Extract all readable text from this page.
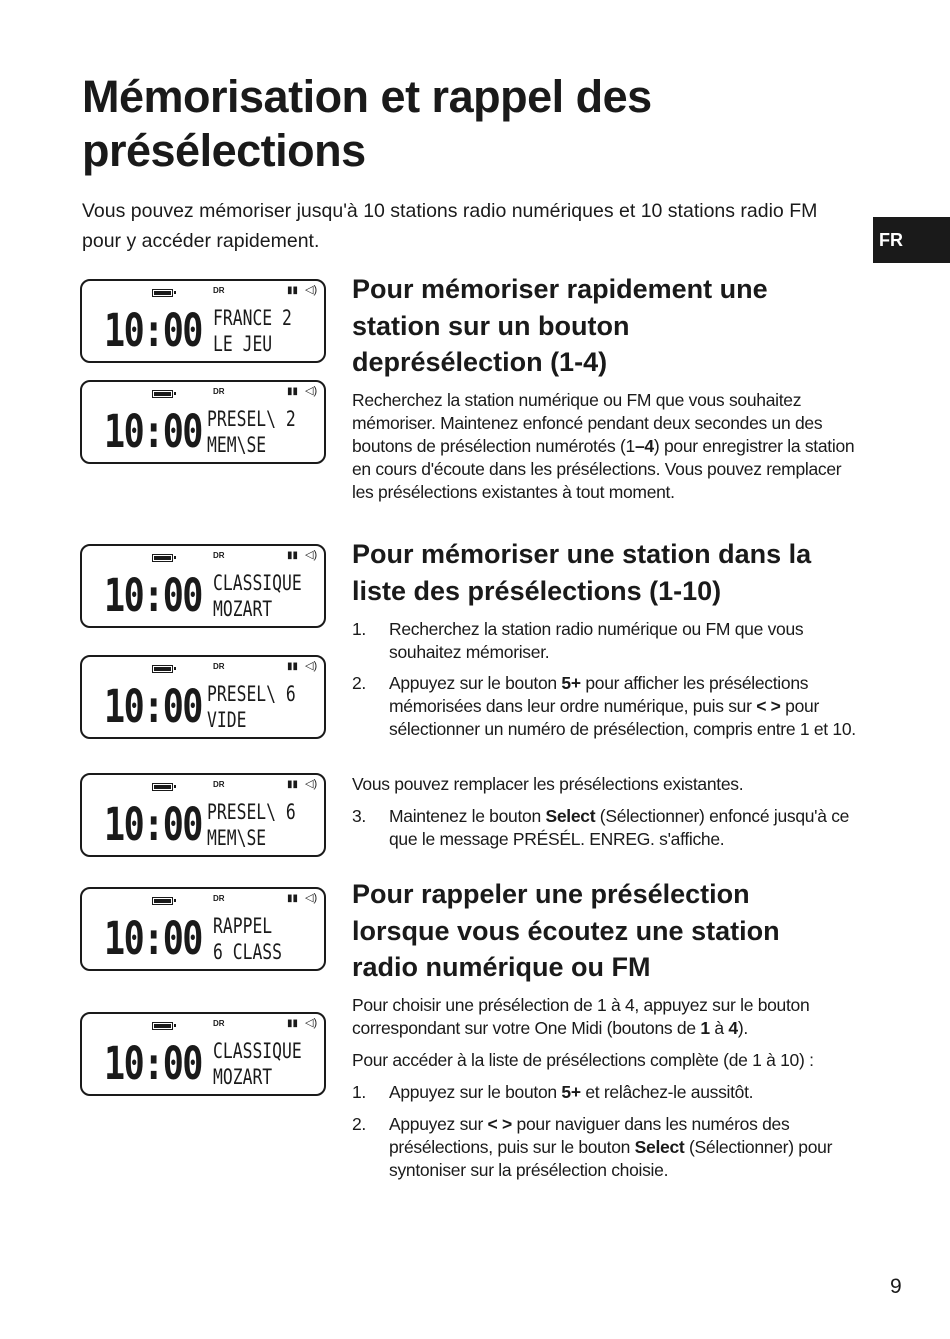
Mémorisation et rappel des présélections

Vous pouvez mémoriser jusqu'à 10 stations radio numériques et 10 stations radio FM pour y accéder rapidement.	FR
DR	▮▮ ◁)
10:00 FRANCE 2
LE JEU
DR	▮▮ ◁)
10:00 PRESEL\ 2
MEM\SE
DR	▮▮ ◁)
10:00 CLASSIQUE
MOZART
DR	▮▮ ◁)
10:00 PRESEL\ 6
VIDE
DR	▮▮ ◁)
10:00 PRESEL\ 6
MEM\SE
DR	▮▮ ◁)
10:00 RAPPEL
6 CLASS
DR	▮▮ ◁)
10:00 CLASSIQUE
MOZART
Pour mémoriser rapidement une station sur un bouton deprésélection (1-4)

Recherchez la station numérique ou FM que vous souhaitez mémoriser. Maintenez enfoncé pendant deux secondes un des boutons de présélection numérotés (1–4) pour enregistrer la station en cours d'écoute dans les présélections. Vous pouvez remplacer les présélections existantes à tout moment.

Pour mémoriser une station dans la liste des présélections (1-10)
1. Recherchez la station radio numérique ou FM que vous souhaitez mémoriser.
2. Appuyez sur le bouton 5+ pour afficher les présélections mémorisées dans leur ordre numérique, puis sur < > pour sélectionner un numéro de présélection, compris entre 1 et 10.

Vous pouvez remplacer les présélections existantes.

3. Maintenez le bouton Select (Sélectionner) enfoncé jusqu'à ce que le message PRÉSÉL. ENREG. s'affiche.
Pour rappeler une présélection lorsque vous écoutez une station radio numérique ou FM

Pour choisir une présélection de 1 à 4, appuyez sur le bouton correspondant sur votre One Midi (boutons de 1 à 4).

Pour accéder à la liste de présélections complète (de 1 à 10) :

1. Appuyez sur le bouton 5+ et relâchez-le aussitôt.
2. Appuyez sur < > pour naviguer dans les numéros des présélections, puis sur le bouton Select (Sélectionner) pour syntoniser sur la présélection choisie.
9
